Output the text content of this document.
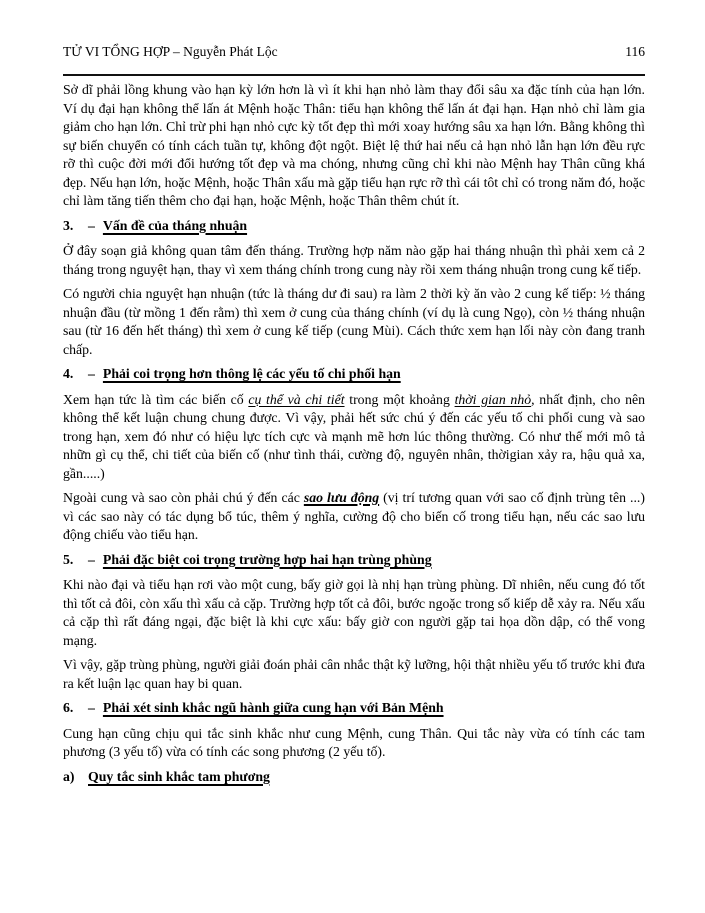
TỬ VI TỔNG HỢP – Nguyễn Phát Lộc	116

Sở dĩ phải lồng khung vào hạn kỳ lớn hơn là vì ít khi hạn nhỏ làm thay đổi sâu xa đặc tính của hạn lớn. Ví dụ đại hạn không thể lấn át Mệnh hoặc Thân: tiểu hạn không thể lấn át đại hạn. Hạn nhỏ chỉ làm gia giảm cho hạn lớn. Chỉ trừ phi hạn nhỏ cực kỳ tốt đẹp thì mới xoay hướng sâu xa hạn lớn. Bằng không thì sự biến chuyển có tính cách tuần tự, không đột ngột. Biệt lệ thứ hai nếu cả hạn nhỏ lẫn hạn lớn đều rực rỡ thì cuộc đời mới đổi hướng tốt đẹp và ma chóng, nhưng cũng chỉ khi nào Mệnh hay Thân cũng khá đẹp. Nếu hạn lớn, hoặc Mệnh, hoặc Thân xấu mà gặp tiểu hạn rực rỡ thì cái tôt chỉ có trong năm đó, hoặc chỉ làm tăng tiến thêm cho đại hạn, hoặc Mệnh, hoặc Thân thêm chút ít.

3. – Vấn đề của tháng nhuận

Ở đây soạn giả không quan tâm đến tháng. Trường hợp năm nào gặp hai tháng nhuận thì phải xem cả 2 tháng trong nguyệt hạn, thay vì xem tháng chính trong cung này rồi xem tháng nhuận trong cung kế tiếp.

Có người chia nguyệt hạn nhuận (tức là tháng dư đi sau) ra làm 2 thời kỳ ăn vào 2 cung kế tiếp: ½ tháng nhuận đầu (từ mồng 1 đến rằm) thì xem ở cung của tháng chính (ví dụ là cung Ngọ), còn ½ tháng nhuận sau (từ 16 đến hết tháng) thì xem ở cung kế tiếp (cung Mùi). Cách thức xem hạn lối này còn đang tranh chấp.

4. – Phải coi trọng hơn thông lệ các yếu tố chi phối hạn

Xem hạn tức là tìm các biến cố cụ thể và chi tiết trong một khoảng thời gian nhỏ, nhất định, cho nên không thể kết luận chung chung được. Vì vậy, phải hết sức chú ý đến các yếu tố chi phối cung và sao trong hạn, xem đó như có hiệu lực tích cực và mạnh mẽ hơn lúc thông thường. Có như thế mới mô tả nhữn gì cụ thể, chi tiết của biến cố (như tình thái, cường độ, nguyên nhân, thờigian xảy ra, hậu quả xa, gần.....)

Ngoài cung và sao còn phải chú ý đến các sao lưu động (vị trí tương quan với sao cố định trùng tên ...) vì các sao này có tác dụng bổ túc, thêm ý nghĩa, cường độ cho biến cố trong tiểu hạn, nếu các sao lưu động chiếu vào tiểu hạn.

5. – Phải đặc biệt coi trọng trường hợp hai hạn trùng phùng

Khi nào đại và tiểu hạn rơi vào một cung, bấy giờ gọi là nhị hạn trùng phùng. Dĩ nhiên, nếu cung đó tốt thì tốt cả đôi, còn xấu thì xấu cả cặp. Trường hợp tốt cả đôi, bước ngoặc trong số kiếp dễ xảy ra. Nếu xấu cả cặp thì rất đáng ngại, đặc biệt là khi cực xấu: bấy giờ con người gặp tai họa dồn dập, có thể vong mạng.

Vì vậy, gặp trùng phùng, người giải đoán phải cân nhắc thật kỹ lưỡng, hội thật nhiều yếu tố trước khi đưa ra kết luận lạc quan hay bi quan.

6. – Phải xét sinh khắc ngũ hành giữa cung hạn với Bản Mệnh

Cung hạn cũng chịu qui tắc sinh khắc như cung Mệnh, cung Thân. Qui tắc này vừa có tính các tam phương (3 yếu tố) vừa có tính các song phương (2 yếu tố).

a) Quy tắc sinh khắc tam phương
